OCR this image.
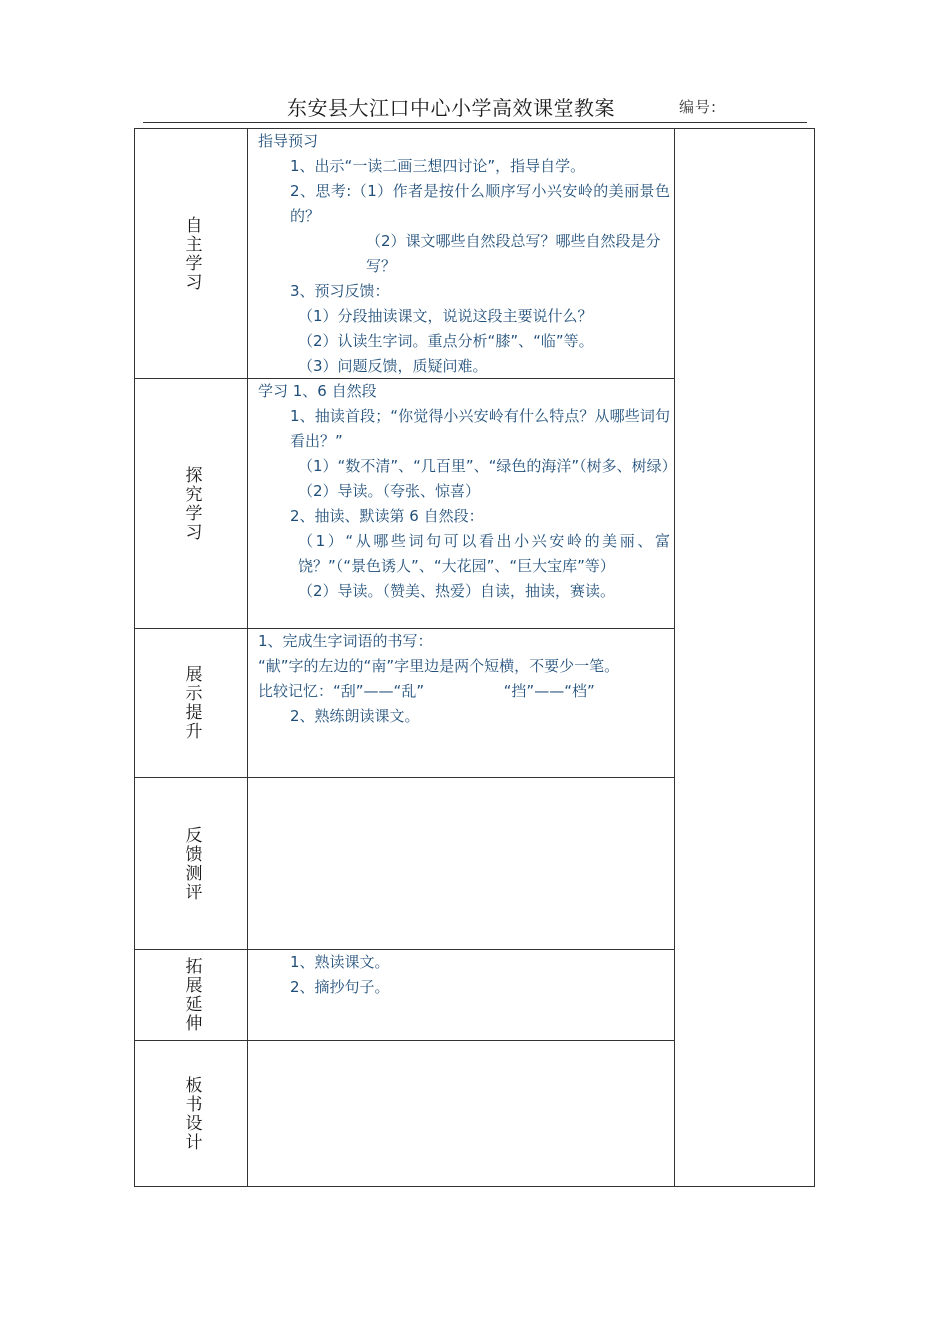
东安县大江口中心小学高效课堂教案	编号:
自主学习
探究学习
展示提升
反馈测评
拓展延伸
板书设计

指导预习

1、出示“一读二画三想四讨论”，指导自学。

2、思考:（1）作者是按什么顺序写小兴安岭的美丽景色的？

（2）课文哪些自然段总写？哪些自然段是分写？

3、预习反馈：

（1）分段抽读课文，说说这段主要说什么？

（2）认读生字词。重点分析“膝”、“临”等。

（3）问题反馈，质疑问难。

学习 1、6 自然段

1、抽读首段；“你觉得小兴安岭有什么特点？从哪些词句看出？”

（1）“数不清”、“几百里”、“绿色的海洋”（树多、树绿）

（2）导读。（夸张、惊喜）

2、抽读、默读第 6 自然段：

（1）“从哪些词句可以看出小兴安岭的美丽、富饶？”（“景色诱人”、“大花园”、“巨大宝库”等）

（2）导读。（赞美、热爱）自读，抽读，赛读。

1、完成生字词语的书写：

“献”字的左边的“南”字里边是两个短横，不要少一笔。

比较记忆：“刮”——“乱”	“挡”——“档”

2、熟练朗读课文。

1、熟读课文。

2、摘抄句子。
